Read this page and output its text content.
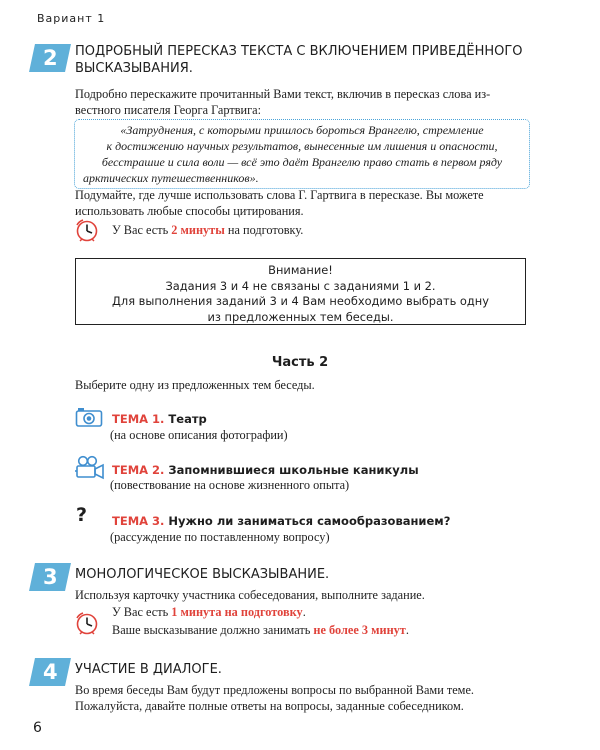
Вариант 1
2 ПОДРОБНЫЙ ПЕРЕСКАЗ ТЕКСТА С ВКЛЮЧЕНИЕМ ПРИВЕДЁННОГО
ВЫСКАЗЫВАНИЯ.
Подробно перескажите прочитанный Вами текст, включив в пересказ слова из-
вестного писателя Георга Гартвига:
«Затруднения, с которыми пришлось бороться Врангелю, стремление
к достижению научных результатов, вынесенные им лишения и опасности,
бесстрашие и сила воли — всё это даёт Врангелю право стать в первом ряду
арктических путешественников».
Подумайте, где лучше использовать слова Г. Гартвига в пересказе. Вы можете
использовать любые способы цитирования.
У Вас есть 2 минуты на подготовку.
Внимание!
Задания 3 и 4 не связаны с заданиями 1 и 2.
Для выполнения заданий 3 и 4 Вам необходимо выбрать одну
из предложенных тем беседы.
Часть 2
Выберите одну из предложенных тем беседы.
ТЕМА 1. Театр
(на основе описания фотографии)
ТЕМА 2. Запомнившиеся школьные каникулы
(повествование на основе жизненного опыта)
? ТЕМА 3. Нужно ли заниматься самообразованием?
(рассуждение по поставленному вопросу)
3 МОНОЛОГИЧЕСКОЕ ВЫСКАЗЫВАНИЕ.
Используя карточку участника собеседования, выполните задание.
У Вас есть 1 минута на подготовку.
Ваше высказывание должно занимать не более 3 минут.
4 УЧАСТИЕ В ДИАЛОГЕ.
Во время беседы Вам будут предложены вопросы по выбранной Вами теме.
Пожалуйста, давайте полные ответы на вопросы, заданные собеседником.
6
